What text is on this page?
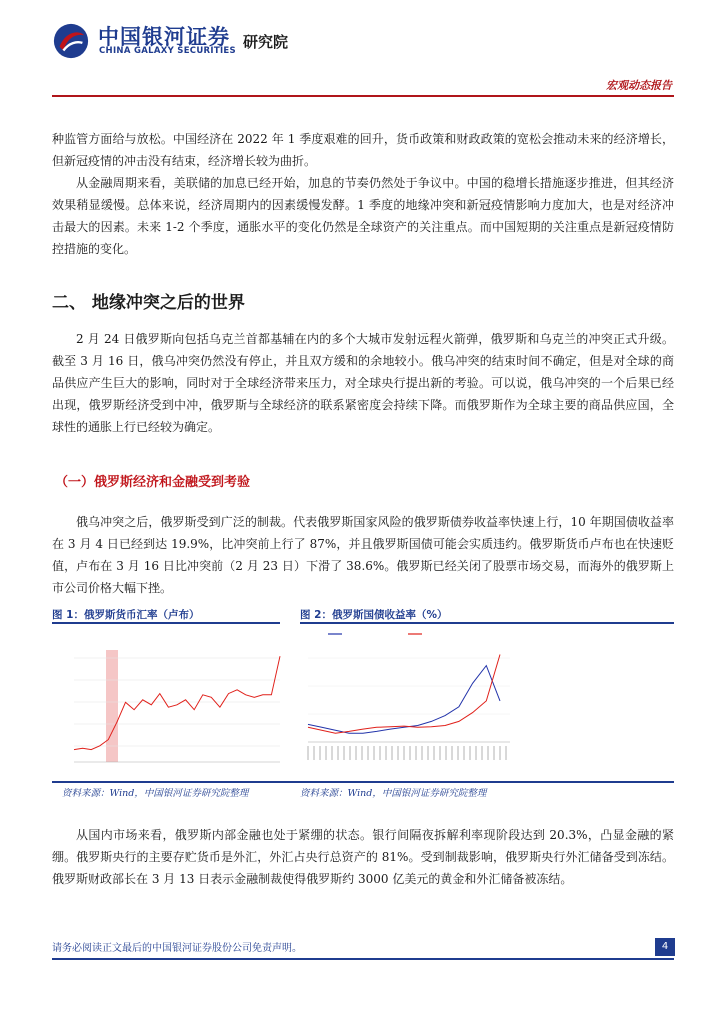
中国银河证券
CHINA GALAXY SECURITIES 研究院
宏观动态报告

种监管方面给与放松。中国经济在 2022 年 1 季度艰难的回升，货币政策和财政政策的宽松会推动未来的经济增长，但新冠疫情的冲击没有结束，经济增长较为曲折。

从金融周期来看，美联储的加息已经开始，加息的节奏仍然处于争议中。中国的稳增长措施逐步推进，但其经济效果稍显缓慢。总体来说，经济周期内的因素缓慢发酵。1 季度的地缘冲突和新冠疫情影响力度加大，也是对经济冲击最大的因素。未来 1-2 个季度，通胀水平的变化仍然是全球资产的关注重点。而中国短期的关注重点是新冠疫情防控措施的变化。

二、 地缘冲突之后的世界

2 月 24 日俄罗斯向包括乌克兰首都基辅在内的多个大城市发射远程火箭弹，俄罗斯和乌克兰的冲突正式升级。截至 3 月 16 日，俄乌冲突仍然没有停止，并且双方缓和的余地较小。俄乌冲突的结束时间不确定，但是对全球的商品供应产生巨大的影响，同时对于全球经济带来压力，对全球央行提出新的考验。可以说，俄乌冲突的一个后果已经出现，俄罗斯经济受到中冲，俄罗斯与全球经济的联系紧密度会持续下降。而俄罗斯作为全球主要的商品供应国，全球性的通胀上行已经较为确定。

（一）俄罗斯经济和金融受到考验

俄乌冲突之后，俄罗斯受到广泛的制裁。代表俄罗斯国家风险的俄罗斯债券收益率快速上行，10 年期国债收益率在 3 月 4 日已经到达 19.9%，比冲突前上行了 87%，并且俄罗斯国债可能会实质违约。俄罗斯货币卢布也在快速贬值，卢布在 3 月 16 日比冲突前（2 月 23 日）下滑了 38.6%。俄罗斯已经关闭了股票市场交易，而海外的俄罗斯上市公司价格大幅下挫。

图 1：俄罗斯货币汇率（卢布）
资料来源：Wind，中国银河证券研究院整理
图 2：俄罗斯国债收益率（%）
资料来源：Wind，中国银河证券研究院整理

从国内市场来看，俄罗斯内部金融也处于紧绷的状态。银行间隔夜拆解利率现阶段达到 20.3%，凸显金融的紧绷。俄罗斯央行的主要存贮货币是外汇，外汇占央行总资产的 81%。受到制裁影响，俄罗斯央行外汇储备受到冻结。俄罗斯财政部长在 3 月 13 日表示金融制裁使得俄罗斯约 3000 亿美元的黄金和外汇储备被冻结。

请务必阅读正文最后的中国银河证券股份公司免责声明。	4
